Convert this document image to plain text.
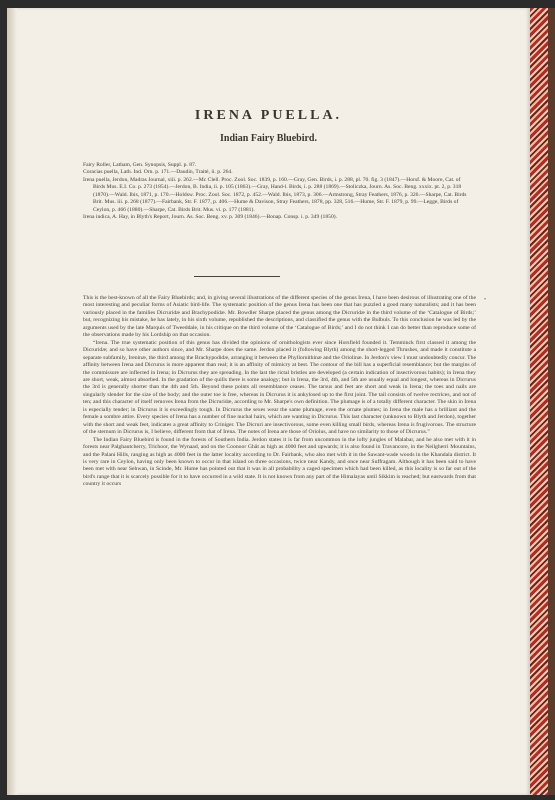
IRENA PUELLA.
Indian Fairy Bluebird.

Fairy Roller, Latham, Gen. Synopsis, Suppl. p. 87.

Coracias puella, Lath. Ind. Orn. p. 171.—Daudin, Traité, ii. p. 264.

Irena puella, Jerdon, Madras Journal, xiii. p. 262.—Mc Clell. Proc. Zool. Soc. 1839, p. 160.—Gray, Gen. Birds, i. p. 288, pl. 70. fig. 3 (1847).—Horsf. & Moore, Cat. of Birds Mus. E.I. Co. p. 273 (1854).—Jerdon, B. India, ii. p. 105 (1863).—Gray, Hand-l. Birds, i. p. 288 (1869).—Stoliczka, Journ. As. Soc. Beng. xxxix. pt. 2, p. 318 (1870).—Wald. Ibis, 1871, p. 170.—Holdsw. Proc. Zool. Soc. 1872, p. 452.—Wald. Ibis, 1873, p. 306.—Armstrong, Stray Feathers, 1876, p. 326.—Sharpe, Cat. Birds Brit. Mus. iii. p. 268 (1877).—Fairbank, Str. F. 1877, p. 406.—Hume & Davison, Stray Feathers, 1878, pp. 328, 516.—Hume, Str. F. 1879, p. 99.—Legge, Birds of Ceylon, p. 466 (1880).—Sharpe, Cat. Birds Brit. Mus. vi. p. 177 (1881).

Irena indica, A. Hay, in Blyth's Report, Journ. As. Soc. Beng. xv. p. 309 (1846).—Bonap. Consp. i. p. 349 (1850).

This is the best-known of all the Fairy Bluebirds; and, in giving several illustrations of the different species of the genus Irena, I have been desirous of illustrating one of the most interesting and peculiar forms of Asiatic bird-life. The systematic position of the genus Irena has been one that has puzzled a good many naturalists; and it has been variously placed in the families Dicruridæ and Brachypodidæ. Mr. Bowdler Sharpe placed the genus among the Dicruridæ in the third volume of the ‘Catalogue of Birds;’ but, recognizing his mistake, he has lately, in his sixth volume, republished the descriptions, and classified the genus with the Bulbuls. To this conclusion he was led by the arguments used by the late Marquis of Tweeddale, in his critique on the third volume of the ‘Catalogue of Birds;’ and I do not think I can do better than reproduce some of the observations made by his Lordship on that occasion.

“Irena. The true systematic position of this genus has divided the opinions of ornithologists ever since Horsfield founded it. Temminck first classed it among the Dicruridæ; and so have other authors since, and Mr. Sharpe does the same. Jerdon placed it (following Blyth) among the short-legged Thrushes, and made it constitute a separate subfamily, Ireninæ, the third among the Brachypodidæ, arranging it between the Phyllornithinæ and the Oriolinæ. In Jerdon's view I must undoubtedly concur. The affinity between Irena and Dicrurus is more apparent than real; it is an affinity of mimicry at best. The contour of the bill has a superficial resemblance; but the margins of the commissure are inflected in Irena; in Dicrurus they are spreading. In the last the rictal bristles are developed (a certain indication of insectivorous habits); in Irena they are short, weak, almost absorbed. In the gradation of the quills there is some analogy; but in Irena, the 3rd, 4th, and 5th are usually equal and longest, whereas in Dicrurus the 3rd is generally shorter than the 4th and 5th. Beyond these points all resemblance ceases. The tarsus and feet are short and weak in Irena; the toes and nails are singularly slender for the size of the body; and the outer toe is free, whereas in Dicrurus it is ankylosed up to the first joint. The tail consists of twelve rectrices, and not of ten; and this character of itself removes Irena from the Dicruridæ, according to Mr. Sharpe's own definition. The plumage is of a totally different character. The skin in Irena is especially tender; in Dicrurus it is exceedingly tough. In Dicrurus the sexes wear the same plumage, even the ornate plumes; in Irena the male has a brilliant and the female a sombre attire. Every species of Irena has a number of fine nuchal hairs, which are wanting in Dicrurus. This last character (unknown to Blyth and Jerdon), together with the short and weak feet, indicates a great affinity to Criniger. The Dicruri are insectivorous, some even killing small birds, whereas Irena is frugivorous. The structure of the sternum in Dicrurus is, I believe, different from that of Irena. The notes of Irena are those of Oriolus, and have no similarity to those of Dicrurus.”

The Indian Fairy Bluebird is found in the forests of Southern India. Jerdon states it is far from uncommon in the lofty jungles of Malabar, and he also met with it in forests near Palghautcherry, Trichoor, the Wynaad, and on the Coonoor Ghât as high as 4000 feet and upwards; it is also found in Travancore, in the Neilgherri Mountains, and the Palani Hills, ranging as high as 4000 feet in the latter locality according to Dr. Fairbank, who also met with it in the Sawant-wade woods in the Khandala district. It is very rare in Ceylon, having only been known to occur in that island on three occasions, twice near Kandy, and once near Suffragam. Although it has been said to have been met with near Sehwan, in Scinde, Mr. Hume has pointed out that it was in all probability a caged specimen which had been killed, as this locality is so far out of the bird's range that it is scarcely possible for it to have occurred in a wild state. It is not known from any part of the Himalayas until Sikkim is reached; but eastwards from that country it occurs

•
